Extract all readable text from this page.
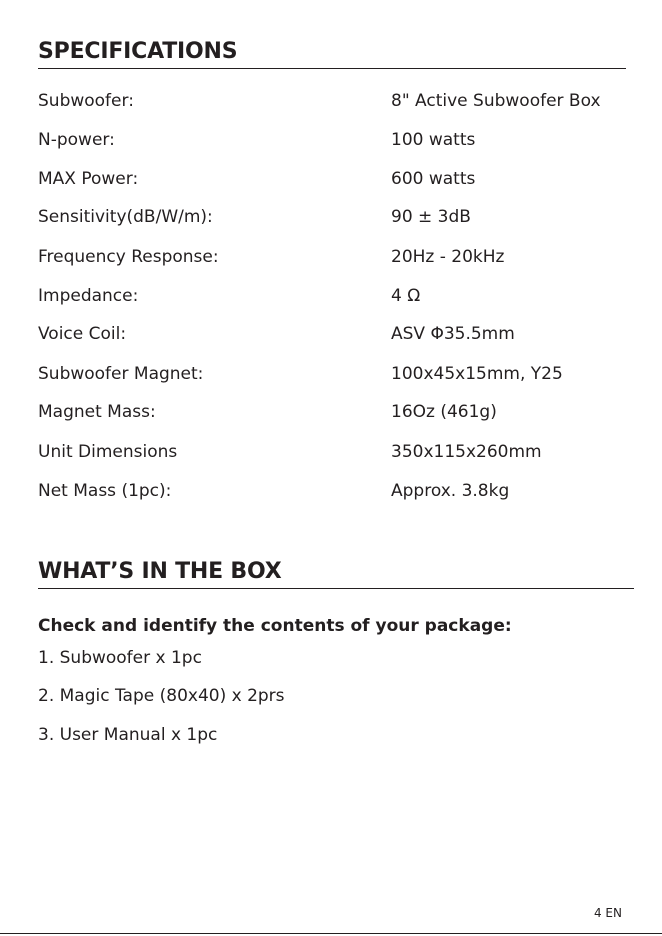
SPECIFICATIONS
Subwoofer:	8" Active Subwoofer Box
N-power:	100 watts
MAX Power:	600 watts
Sensitivity(dB/W/m):	90 ± 3dB
Frequency Response:	20Hz - 20kHz
Impedance:	4 Ω
Voice Coil:	ASV Φ35.5mm
Subwoofer Magnet:	100x45x15mm, Y25
Magnet Mass:	16Oz (461g)
Unit Dimensions	350x115x260mm
Net Mass (1pc):	Approx. 3.8kg
WHAT’S IN THE BOX
Check and identify the contents of your package:
1. Subwoofer x 1pc
2. Magic Tape (80x40) x 2prs
3. User Manual x 1pc
4 EN
